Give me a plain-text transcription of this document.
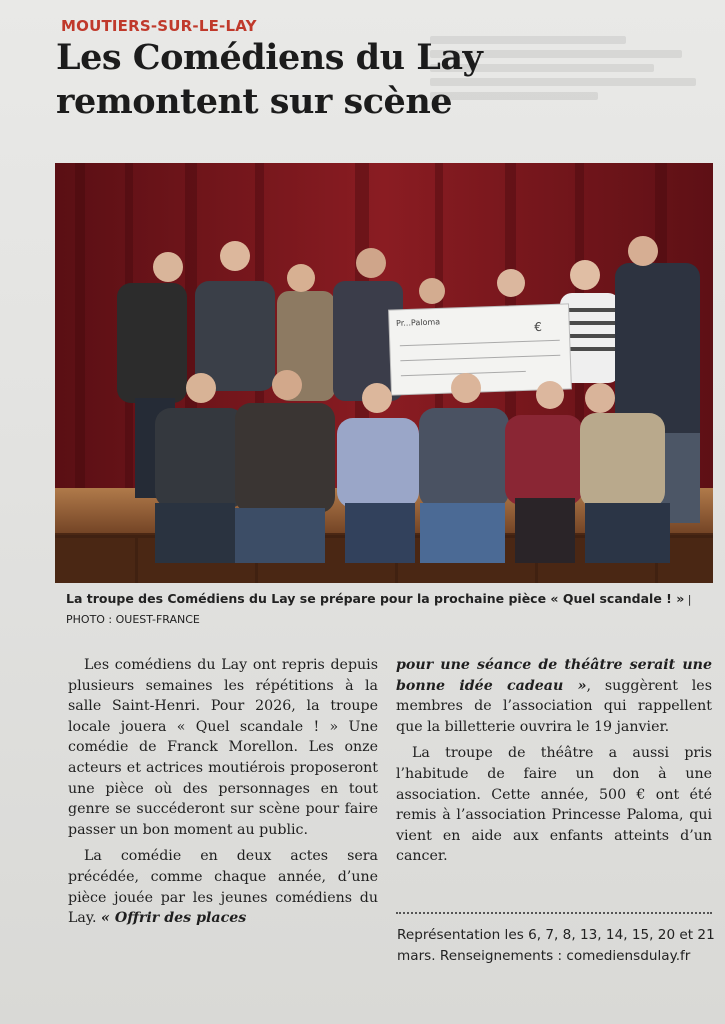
MOUTIERS-SUR-LE-LAY
Les Comédiens du Lay
remontent sur scène
Pr...Paloma	€
La troupe des Comédiens du Lay se prépare pour la prochaine pièce « Quel scandale ! » | PHOTO : OUEST-FRANCE

Les comédiens du Lay ont repris depuis plusieurs semaines les répétitions à la salle Saint-Henri. Pour 2026, la troupe locale jouera « Quel scandale ! » Une comédie de Franck Morellon. Les onze acteurs et actrices moutiérois proposeront une pièce où des personnages en tout genre se succéderont sur scène pour faire passer un bon moment au public.

La comédie en deux actes sera précédée, comme chaque année, d’une pièce jouée par les jeunes comédiens du Lay. « Offrir des places

pour une séance de théâtre serait une bonne idée cadeau », suggèrent les membres de l’association qui rappellent que la billetterie ouvrira le 19 janvier.

La troupe de théâtre a aussi pris l’habitude de faire un don à une association. Cette année, 500 € ont été remis à l’association Princesse Paloma, qui vient en aide aux enfants atteints d’un cancer.

Représentation les 6, 7, 8, 13, 14, 15, 20 et 21 mars. Renseignements : comediensdulay.fr
